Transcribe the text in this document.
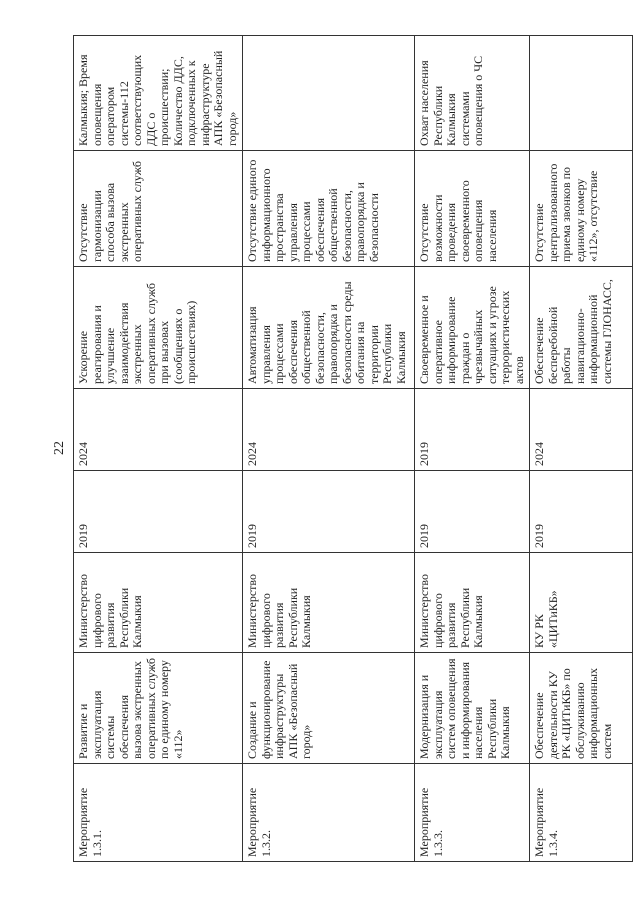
22
Мероприятие 1.3.1.	Развитие и эксплуатация системы обеспечения вызова экстренных оперативных служб по единому номеру «112»	Министерство цифрового развития Республики Калмыкия	2019	2024	Ускорение реагирования и улучшение взаимодействия экстренных оперативных служб при вызовах (сообщениях о происшествиях)	Отсутствие гармонизации способа вызова экстренных оперативных служб	Калмыкия; Время оповещения оператором системы-112 соответствующих ДДС о происшествии; Количество ДДС, подключенных к инфраструктуре АПК «Безопасный город»
Мероприятие 1.3.2.	Создание и функционирование инфраструктуры АПК «Безопасный город»	Министерство цифрового развития Республики Калмыкия	2019	2024	Автоматизация управления процессами обеспечения общественной безопасности, правопорядка и безопасности среды обитания на территории Республики Калмыкия	Отсутствие единого информационного пространства управления процессами обеспечения общественной безопасности, правопорядка и безопасности	
Мероприятие 1.3.3.	Модернизация и эксплуатация систем оповещения и информирования населения Республики Калмыкия	Министерство цифрового развития Республики Калмыкия	2019	2019	Своевременное и оперативное информирование граждан о чрезвычайных ситуациях и угрозе террористических актов	Отсутствие возможности проведения своевременного оповещения населения	Охват населения Республики Калмыкия системами оповещения о ЧС
Мероприятие 1.3.4.	Обеспечение деятельности КУ РК «ЦИТиКБ» по обслуживанию информационных систем	КУ РК «ЦИТиКБ»	2019	2024	Обеспечение бесперебойной работы навигационно-информационной системы ГЛОНАСС,	Отсутствие централизованного приема звонков по единому номеру «112», отсутствие	
